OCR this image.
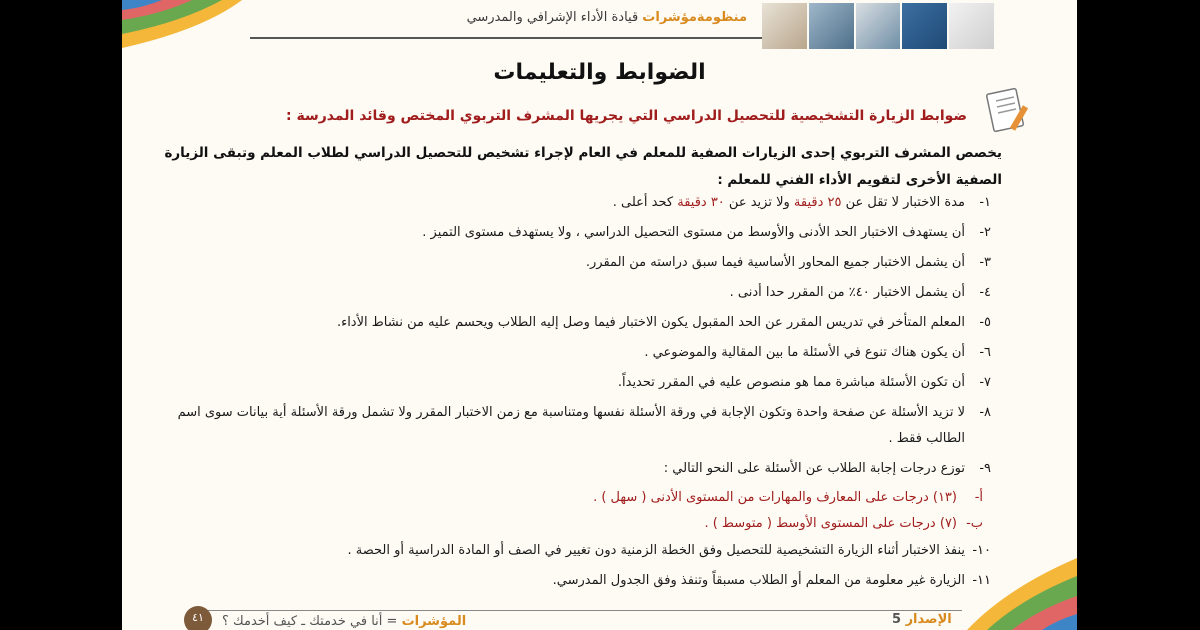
منظومةمؤشرات قيادة الأداء الإشرافي والمدرسي
الضوابط والتعليمات
ضوابط الزيارة التشخيصية للتحصيل الدراسي التي يجريها المشرف التربوي المختص وقائد المدرسة :
يخصص المشرف التربوي إحدى الزيارات الصفية للمعلم في العام لإجراء تشخيص للتحصيل الدراسي لطلاب المعلم وتبقى الزيارة الصفية الأخرى لتقويم الأداء الفني للمعلم :
١-
مدة الاختبار لا تقل عن ٢٥ دقيقة ولا تزيد عن ٣٠ دقيقة كحد أعلى .
٢-
أن يستهدف الاختبار الحد الأدنى والأوسط من مستوى التحصيل الدراسي ، ولا يستهدف مستوى التميز .
٣-
أن يشمل الاختبار جميع المحاور الأساسية فيما سبق دراسته من المقرر.
٤-
أن يشمل الاختبار ٤٠٪ من المقرر حدا أدنى .
٥-
المعلم المتأخر في تدريس المقرر عن الحد المقبول يكون الاختبار فيما وصل إليه الطلاب ويحسم عليه من نشاط الأداء.
٦-
أن يكون هناك تنوع في الأسئلة ما بين المقالية والموضوعي .
٧-
أن تكون الأسئلة مباشرة مما هو منصوص عليه في المقرر تحديداً.
٨-
لا تزيد الأسئلة عن صفحة واحدة وتكون الإجابة في ورقة الأسئلة نفسها ومتناسبة مع زمن الاختبار المقرر ولا تشمل ورقة الأسئلة أية بيانات سوى اسم الطالب فقط .
٩-
توزع درجات إجابة الطلاب عن الأسئلة على النحو التالي :
أ-
(١٣) درجات على المعارف والمهارات من المستوى الأدنى ( سهل ) .
ب-
(٧) درجات على المستوى الأوسط ( متوسط ) .
١٠-
ينفذ الاختبار أثناء الزيارة التشخيصية للتحصيل وفق الخطة الزمنية دون تغيير في الصف أو المادة الدراسية أو الحصة .
١١-
الزيارة غير معلومة من المعلم أو الطلاب مسبقاً وتنفذ وفق الجدول المدرسي.
٤١	المؤشرات = أنا في خدمتك ـ كيف أخدمك ؟	الإصدار 5
